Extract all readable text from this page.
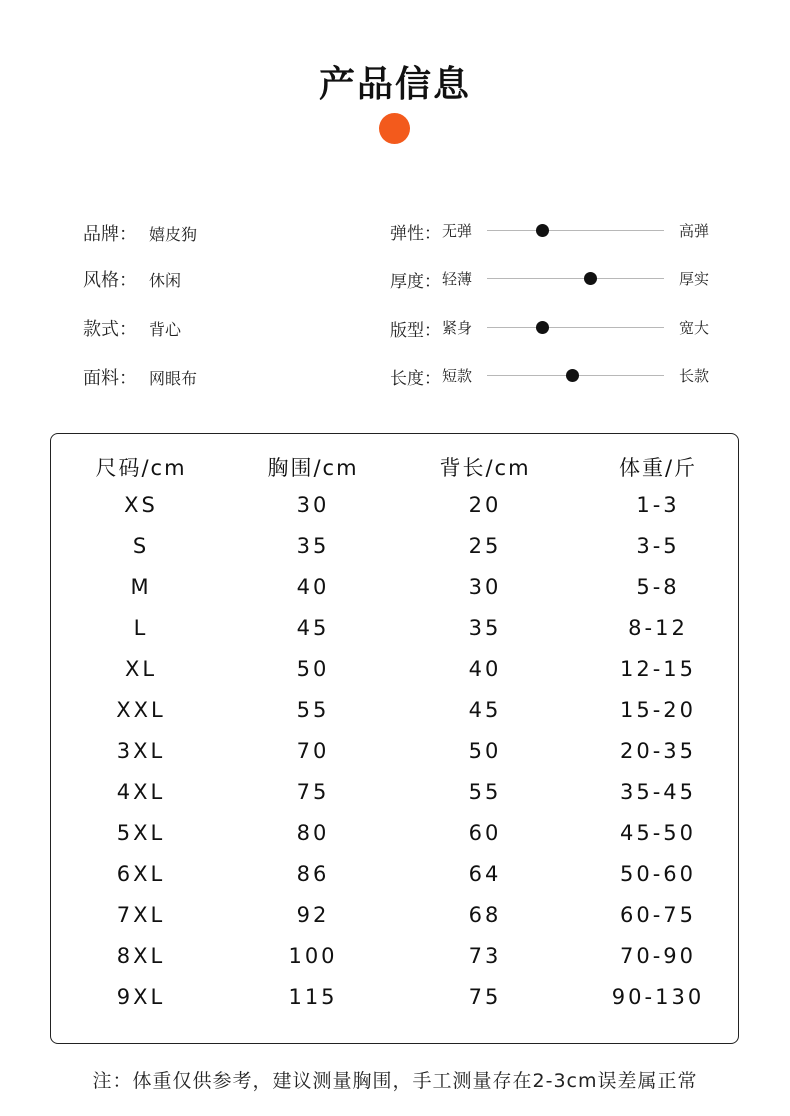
产品信息
品牌： 嬉皮狗
风格： 休闲
款式： 背心
面料： 网眼布
弹性： 无弹	高弹
厚度： 轻薄	厚实
版型： 紧身	宽大
长度： 短款	长款
尺码/cm	胸围/cm	背长/cm	体重/斤
XS	30	20	1-3
S	35	25	3-5
M	40	30	5-8
L	45	35	8-12
XL	50	40	12-15
XXL	55	45	15-20
3XL	70	50	20-35
4XL	75	55	35-45
5XL	80	60	45-50
6XL	86	64	50-60
7XL	92	68	60-75
8XL	100	73	70-90
9XL	115	75	90-130
注：体重仅供参考，建议测量胸围，手工测量存在2-3cm误差属正常
